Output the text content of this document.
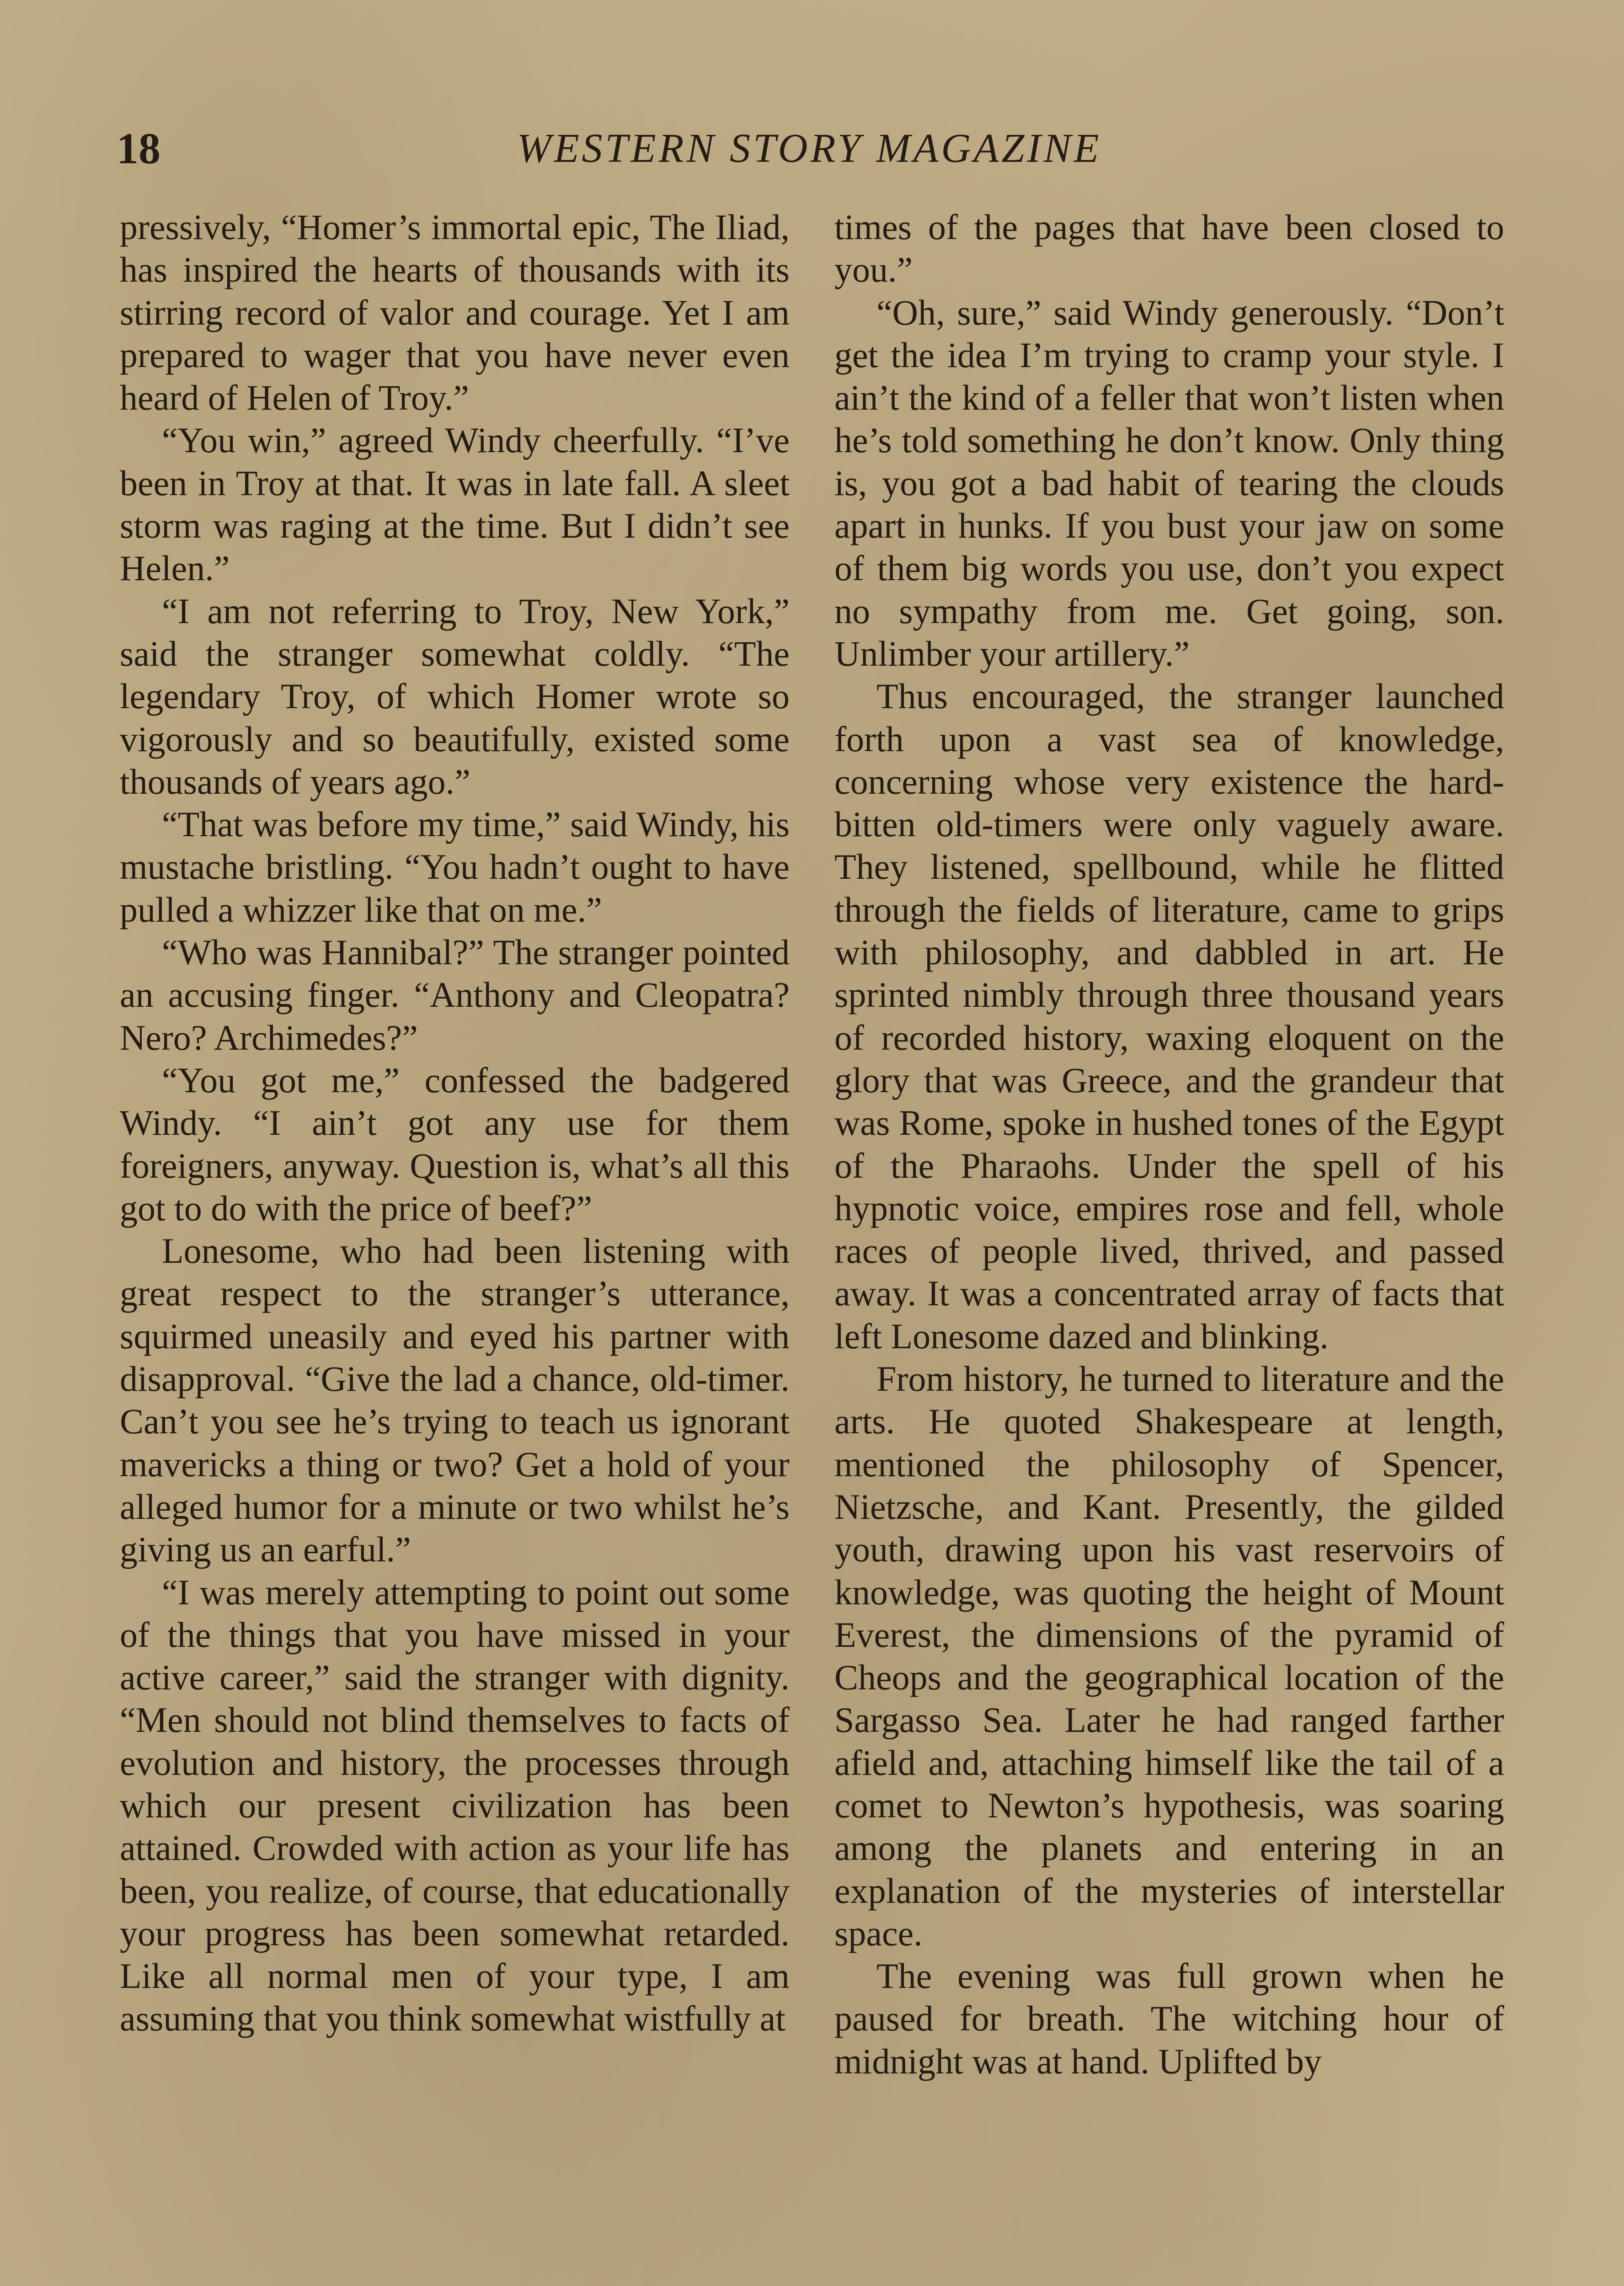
18	WESTERN STORY MAGAZINE

pressively, “Homer’s immortal epic, The Iliad, has inspired the hearts of thousands with its stirring record of valor and courage. Yet I am prepared to wager that you have never even heard of Helen of Troy.”

“You win,” agreed Windy cheerfully. “I’ve been in Troy at that. It was in late fall. A sleet storm was raging at the time. But I didn’t see Helen.”

“I am not referring to Troy, New York,” said the stranger somewhat coldly. “The legendary Troy, of which Homer wrote so vigorously and so beautifully, existed some thousands of years ago.”

“That was before my time,” said Windy, his mustache bristling. “You hadn’t ought to have pulled a whizzer like that on me.”

“Who was Hannibal?” The stranger pointed an accusing finger. “Anthony and Cleopatra? Nero? Archimedes?”

“You got me,” confessed the badgered Windy. “I ain’t got any use for them foreigners, anyway. Question is, what’s all this got to do with the price of beef?”

Lonesome, who had been listening with great respect to the stranger’s utterance, squirmed uneasily and eyed his partner with disapproval. “Give the lad a chance, old-timer. Can’t you see he’s trying to teach us ignorant mavericks a thing or two? Get a hold of your alleged humor for a minute or two whilst he’s giving us an earful.”

“I was merely attempting to point out some of the things that you have missed in your active career,” said the stranger with dignity. “Men should not blind themselves to facts of evolution and history, the processes through which our present civilization has been attained. Crowded with action as your life has been, you realize, of course, that educationally your progress has been somewhat retarded. Like all normal men of your type, I am assuming that you think somewhat wistfully at

times of the pages that have been closed to you.”

“Oh, sure,” said Windy generously. “Don’t get the idea I’m trying to cramp your style. I ain’t the kind of a feller that won’t listen when he’s told something he don’t know. Only thing is, you got a bad habit of tearing the clouds apart in hunks. If you bust your jaw on some of them big words you use, don’t you expect no sympathy from me. Get going, son. Unlimber your artillery.”

Thus encouraged, the stranger launched forth upon a vast sea of knowledge, concerning whose very existence the hard-bitten old-timers were only vaguely aware. They listened, spellbound, while he flitted through the fields of literature, came to grips with philosophy, and dabbled in art. He sprinted nimbly through three thousand years of recorded history, waxing eloquent on the glory that was Greece, and the grandeur that was Rome, spoke in hushed tones of the Egypt of the Pharaohs. Under the spell of his hypnotic voice, empires rose and fell, whole races of people lived, thrived, and passed away. It was a concentrated array of facts that left Lonesome dazed and blinking.

From history, he turned to literature and the arts. He quoted Shakespeare at length, mentioned the philosophy of Spencer, Nietzsche, and Kant. Presently, the gilded youth, drawing upon his vast reservoirs of knowledge, was quoting the height of Mount Everest, the dimensions of the pyramid of Cheops and the geographical location of the Sargasso Sea. Later he had ranged farther afield and, attaching himself like the tail of a comet to Newton’s hypothesis, was soaring among the planets and entering in an explanation of the mysteries of interstellar space.

The evening was full grown when he paused for breath. The witching hour of midnight was at hand. Uplifted by
